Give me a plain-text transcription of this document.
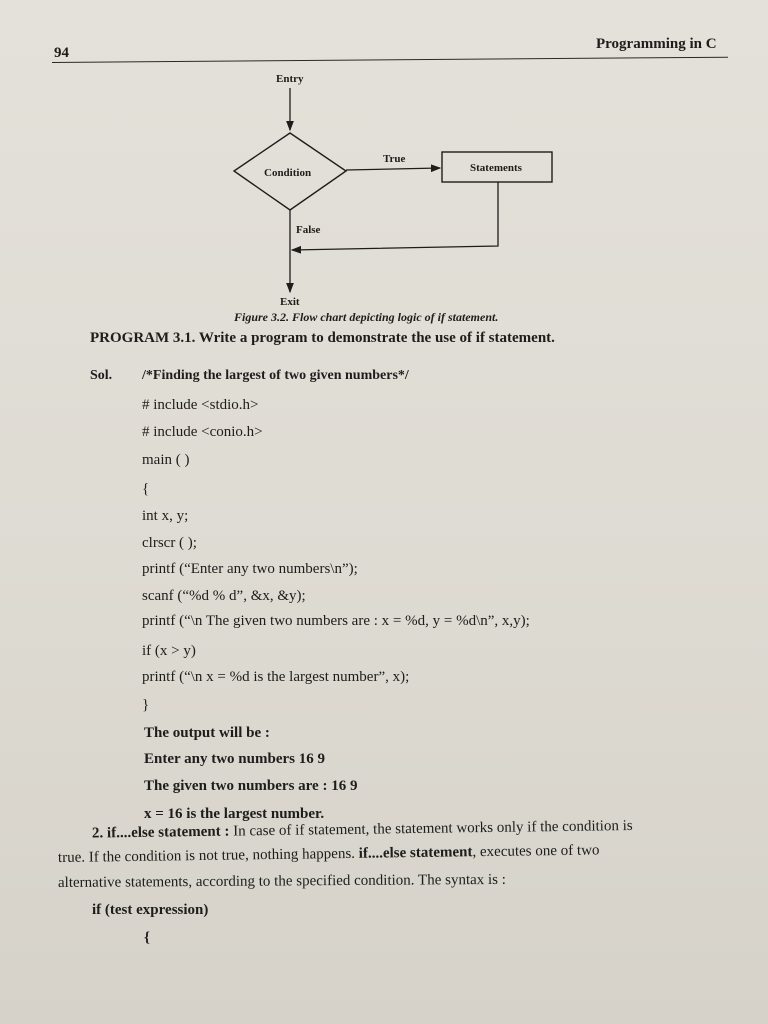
94
Programming in C
Entry
Condition
True
Statements
False
Exit
Figure 3.2. Flow chart depicting logic of if statement.
PROGRAM 3.1. Write a program to demonstrate the use of if statement.
Sol. /*Finding the largest of two given numbers*/
# include <stdio.h>
# include <conio.h>
main ( )
{
int x, y;
clrscr ( );
printf (“Enter any two numbers\n”);
scanf (“%d % d”, &x, &y);
printf (“\n The given two numbers are : x = %d, y = %d\n”, x,y);
if (x > y)
printf (“\n x = %d is the largest number”, x);
}
The output will be :
Enter any two numbers 16 9
The given two numbers are : 16 9
x = 16 is the largest number.
2. if....else statement : In case of if statement, the statement works only if the condition is
true. If the condition is not true, nothing happens. if....else statement, executes one of two
alternative statements, according to the specified condition. The syntax is :
if (test expression)
{
